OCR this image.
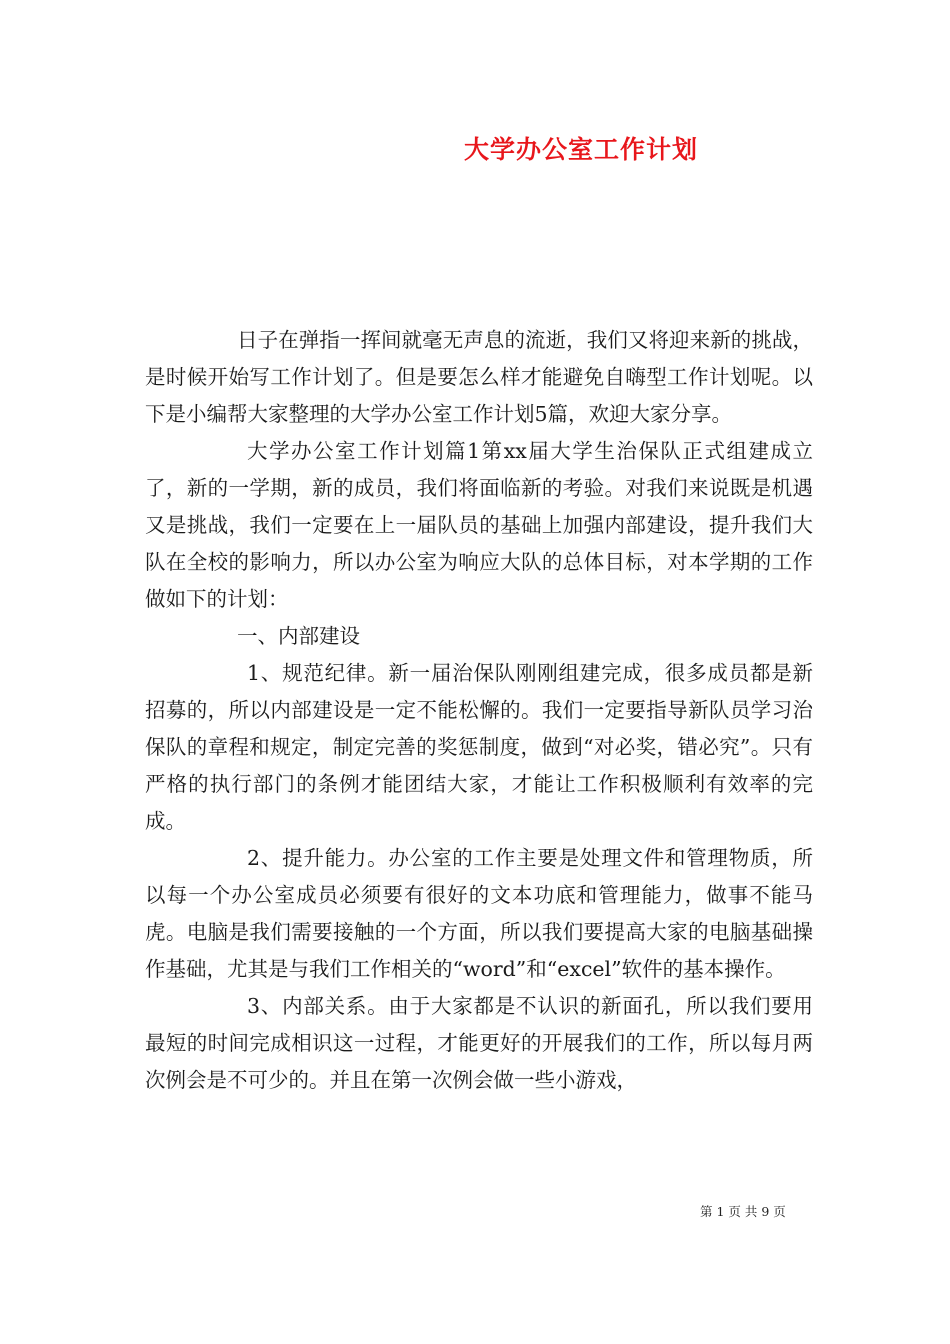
大学办公室工作计划

日子在弹指一挥间就毫无声息的流逝，我们又将迎来新的挑战，是时候开始写工作计划了。但是要怎么样才能避免自嗨型工作计划呢。以下是小编帮大家整理的大学办公室工作计划5篇，欢迎大家分享。

大学办公室工作计划篇1第xx届大学生治保队正式组建成立了，新的一学期，新的成员，我们将面临新的考验。对我们来说既是机遇又是挑战，我们一定要在上一届队员的基础上加强内部建设，提升我们大队在全校的影响力，所以办公室为响应大队的总体目标，对本学期的工作做如下的计划：

一、内部建设

1、规范纪律。新一届治保队刚刚组建完成，很多成员都是新招募的，所以内部建设是一定不能松懈的。我们一定要指导新队员学习治保队的章程和规定，制定完善的奖惩制度，做到“对必奖，错必究”。只有严格的执行部门的条例才能团结大家，才能让工作积极顺利有效率的完成。

2、提升能力。办公室的工作主要是处理文件和管理物质，所以每一个办公室成员必须要有很好的文本功底和管理能力，做事不能马虎。电脑是我们需要接触的一个方面，所以我们要提高大家的电脑基础操作基础，尤其是与我们工作相关的“word”和“excel”软件的基本操作。

3、内部关系。由于大家都是不认识的新面孔，所以我们要用最短的时间完成相识这一过程，才能更好的开展我们的工作，所以每月两次例会是不可少的。并且在第一次例会做一些小游戏，

第 1 页 共 9 页
